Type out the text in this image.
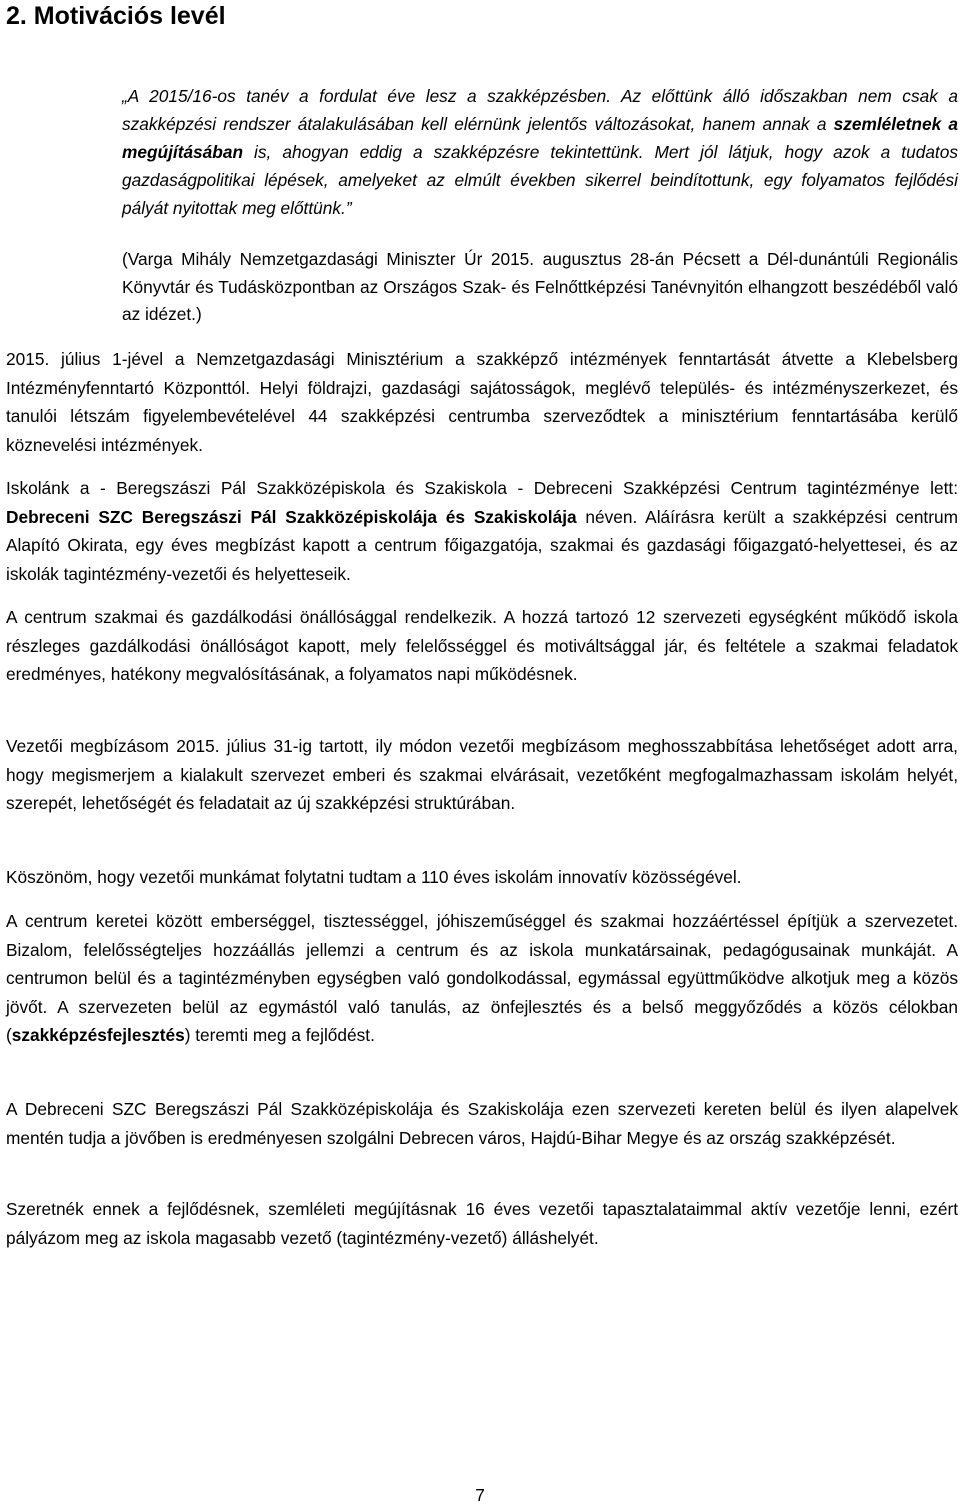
2. Motivációs levél

„A 2015/16-os tanév a fordulat éve lesz a szakképzésben. Az előttünk álló időszakban nem csak a szakképzési rendszer átalakulásában kell elérnünk jelentős változásokat, hanem annak a szemléletnek a megújításában is, ahogyan eddig a szakképzésre tekintettünk. Mert jól látjuk, hogy azok a tudatos gazdaságpolitikai lépések, amelyeket az elmúlt években sikerrel beindítottunk, egy folyamatos fejlődési pályát nyitottak meg előttünk.”

(Varga Mihály Nemzetgazdasági Miniszter Úr 2015. augusztus 28-án Pécsett a Dél-dunántúli Regionális Könyvtár és Tudásközpontban az Országos Szak- és Felnőttképzési Tanévnyitón elhangzott beszédéből való az idézet.)

2015. július 1-jével a Nemzetgazdasági Minisztérium a szakképző intézmények fenntartását átvette a Klebelsberg Intézményfenntartó Központtól. Helyi földrajzi, gazdasági sajátosságok, meglévő település- és intézményszerkezet, és tanulói létszám figyelembevételével 44 szakképzési centrumba szerveződtek a minisztérium fenntartásába kerülő köznevelési intézmények.

Iskolánk a - Beregszászi Pál Szakközépiskola és Szakiskola - Debreceni Szakképzési Centrum tagintézménye lett: Debreceni SZC Beregszászi Pál Szakközépiskolája és Szakiskolája néven. Aláírásra került a szakképzési centrum Alapító Okirata, egy éves megbízást kapott a centrum főigazgatója, szakmai és gazdasági főigazgató-helyettesei, és az iskolák tagintézmény-vezetői és helyetteseik.

A centrum szakmai és gazdálkodási önállósággal rendelkezik. A hozzá tartozó 12 szervezeti egységként működő iskola részleges gazdálkodási önállóságot kapott, mely felelősséggel és motiváltsággal jár, és feltétele a szakmai feladatok eredményes, hatékony megvalósításának, a folyamatos napi működésnek.

Vezetői megbízásom 2015. július 31-ig tartott, ily módon vezetői megbízásom meghosszabbítása lehetőséget adott arra, hogy megismerjem a kialakult szervezet emberi és szakmai elvárásait, vezetőként megfogalmazhassam iskolám helyét, szerepét, lehetőségét és feladatait az új szakképzési struktúrában.

Köszönöm, hogy vezetői munkámat folytatni tudtam a 110 éves iskolám innovatív közösségével.

A centrum keretei között emberséggel, tisztességgel, jóhiszeműséggel és szakmai hozzáértéssel építjük a szervezetet. Bizalom, felelősségteljes hozzáállás jellemzi a centrum és az iskola munkatársainak, pedagógusainak munkáját. A centrumon belül és a tagintézményben egységben való gondolkodással, egymással együttműködve alkotjuk meg a közös jövőt. A szervezeten belül az egymástól való tanulás, az önfejlesztés és a belső meggyőződés a közös célokban (szakképzésfejlesztés) teremti meg a fejlődést.

A Debreceni SZC Beregszászi Pál Szakközépiskolája és Szakiskolája ezen szervezeti kereten belül és ilyen alapelvek mentén tudja a jövőben is eredményesen szolgálni Debrecen város, Hajdú-Bihar Megye és az ország szakképzését.

Szeretnék ennek a fejlődésnek, szemléleti megújításnak 16 éves vezetői tapasztalataimmal aktív vezetője lenni, ezért pályázom meg az iskola magasabb vezető (tagintézmény-vezető) álláshelyét.

7
